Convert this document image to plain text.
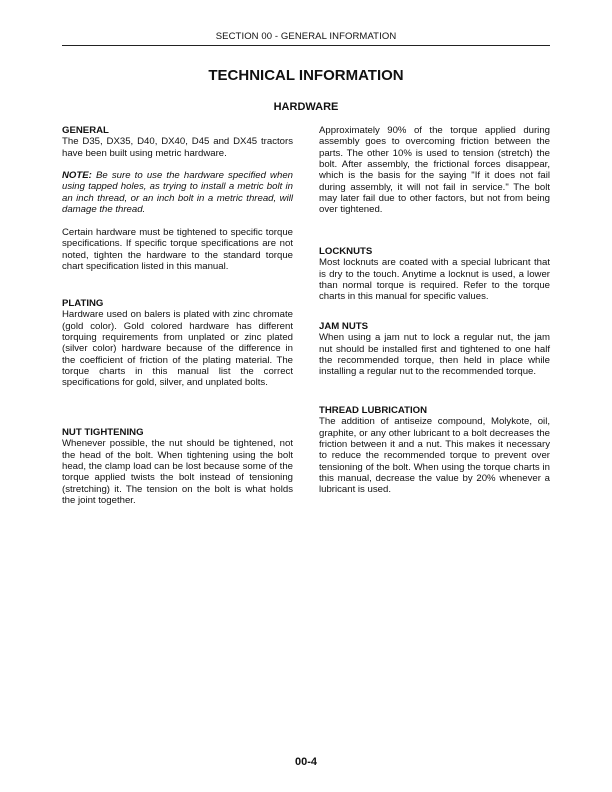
SECTION 00 - GENERAL INFORMATION
TECHNICAL INFORMATION
HARDWARE
GENERAL

The D35, DX35, D40, DX40, D45 and DX45 tractors have been built using metric hardware.

NOTE: Be sure to use the hardware specified when using tapped holes, as trying to install a metric bolt in an inch thread, or an inch bolt in a metric thread, will damage the thread.

Certain hardware must be tightened to specific torque specifications. If specific torque specifications are not noted, tighten the hardware to the standard torque chart specification listed in this manual.

PLATING

Hardware used on balers is plated with zinc chromate (gold color). Gold colored hardware has different torquing requirements from unplated or zinc plated (silver color) hardware because of the difference in the coefficient of friction of the plating material. The torque charts in this manual list the correct specifications for gold, silver, and unplated bolts.

NUT TIGHTENING

Whenever possible, the nut should be tightened, not the head of the bolt. When tightening using the bolt head, the clamp load can be lost because some of the torque applied twists the bolt instead of tensioning (stretching) it. The tension on the bolt is what holds the joint together.

Approximately 90% of the torque applied during assembly goes to overcoming friction between the parts. The other 10% is used to tension (stretch) the bolt. After assembly, the frictional forces disappear, which is the basis for the saying "If it does not fail during assembly, it will not fail in service." The bolt may later fail due to other factors, but not from being over tightened.

LOCKNUTS

Most locknuts are coated with a special lubricant that is dry to the touch. Anytime a locknut is used, a lower than normal torque is required. Refer to the torque charts in this manual for specific values.

JAM NUTS

When using a jam nut to lock a regular nut, the jam nut should be installed first and tightened to one half the recommended torque, then held in place while installing a regular nut to the recommended torque.

THREAD LUBRICATION

The addition of antiseize compound, Molykote, oil, graphite, or any other lubricant to a bolt decreases the friction between it and a nut. This makes it necessary to reduce the recommended torque to prevent over tensioning of the bolt. When using the torque charts in this manual, decrease the value by 20% whenever a lubricant is used.

00-4
